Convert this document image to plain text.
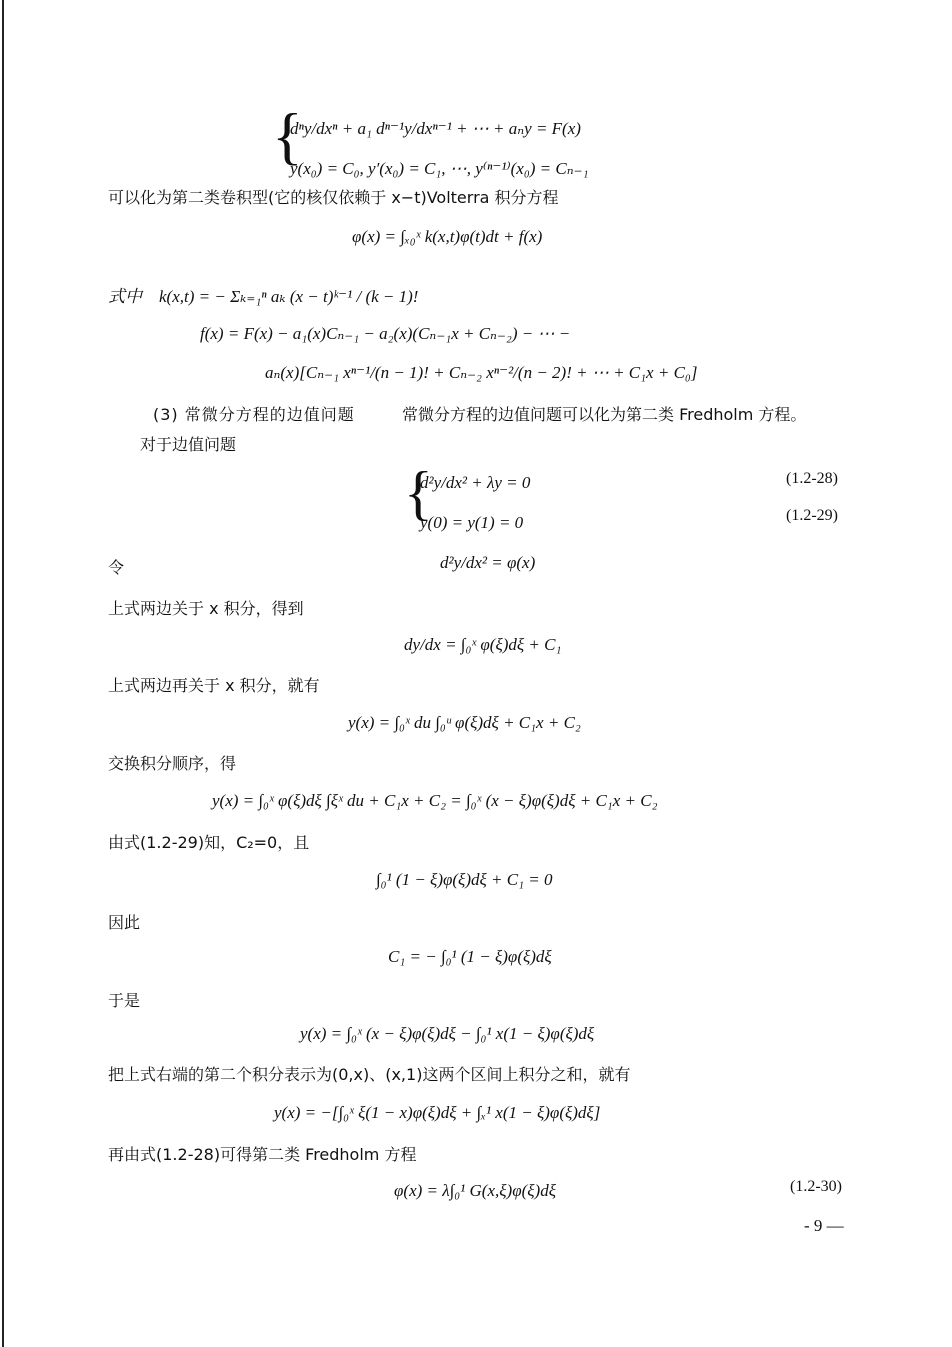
{
dⁿy/dxⁿ + a₁ dⁿ⁻¹y/dxⁿ⁻¹ + ⋯ + aₙy = F(x)
y(x₀) = C₀, y′(x₀) = C₁, ⋯, y⁽ⁿ⁻¹⁾(x₀) = Cₙ₋₁
可以化为第二类卷积型(它的核仅依赖于 x−t)Volterra 积分方程
φ(x) = ∫ₓ₀ˣ k(x,t)φ(t)dt + f(x)
式中　k(x,t) = − Σₖ₌₁ⁿ aₖ (x − t)ᵏ⁻¹ / (k − 1)!
f(x) = F(x) − a₁(x)Cₙ₋₁ − a₂(x)(Cₙ₋₁x + Cₙ₋₂) − ⋯ −
aₙ(x)[Cₙ₋₁ xⁿ⁻¹/(n − 1)! + Cₙ₋₂ xⁿ⁻²/(n − 2)! + ⋯ + C₁x + C₀]
(3) 常微分方程的边值问题	常微分方程的边值问题可以化为第二类 Fredholm 方程。
对于边值问题
{
d²y/dx² + λy = 0	(1.2-28)
y(0) = y(1) = 0	(1.2-29)
令	d²y/dx² = φ(x)
上式两边关于 x 积分，得到
dy/dx = ∫₀ˣ φ(ξ)dξ + C₁
上式两边再关于 x 积分，就有
y(x) = ∫₀ˣ du ∫₀ᵘ φ(ξ)dξ + C₁x + C₂
交换积分顺序，得
y(x) = ∫₀ˣ φ(ξ)dξ ∫ξˣ du + C₁x + C₂ = ∫₀ˣ (x − ξ)φ(ξ)dξ + C₁x + C₂
由式(1.2-29)知，C₂=0，且
∫₀¹ (1 − ξ)φ(ξ)dξ + C₁ = 0
因此
C₁ = − ∫₀¹ (1 − ξ)φ(ξ)dξ
于是
y(x) = ∫₀ˣ (x − ξ)φ(ξ)dξ − ∫₀¹ x(1 − ξ)φ(ξ)dξ
把上式右端的第二个积分表示为(0,x)、(x,1)这两个区间上积分之和，就有
y(x) = −[∫₀ˣ ξ(1 − x)φ(ξ)dξ + ∫ₓ¹ x(1 − ξ)φ(ξ)dξ]
再由式(1.2-28)可得第二类 Fredholm 方程
φ(x) = λ∫₀¹ G(x,ξ)φ(ξ)dξ	(1.2-30)
- 9 —
